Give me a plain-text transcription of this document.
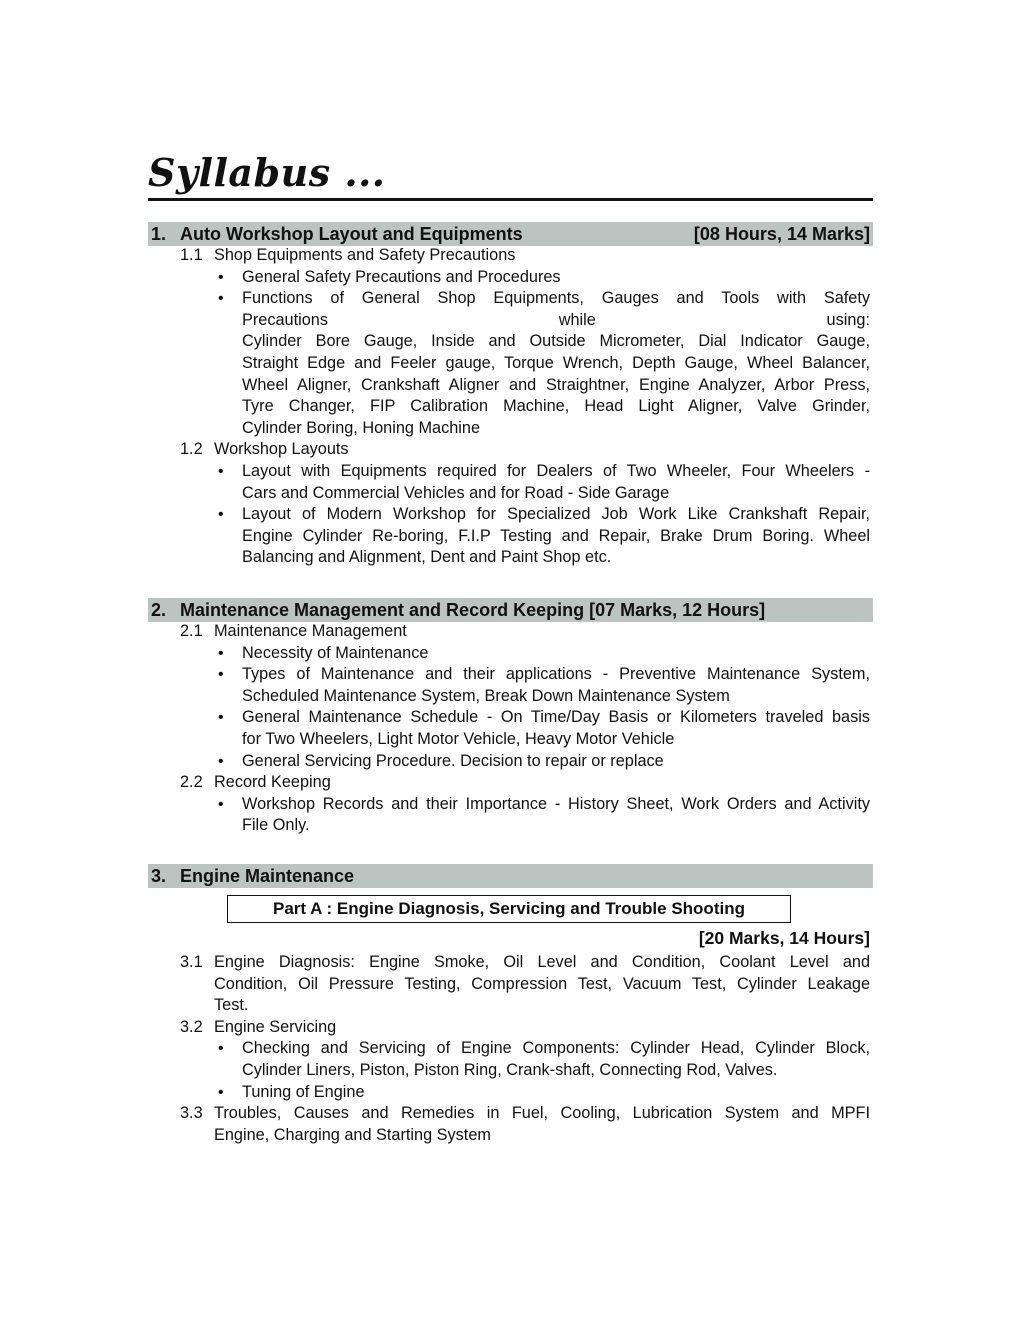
Syllabus ...
1. Auto Workshop Layout and Equipments	[08 Hours, 14 Marks]
1.1 Shop Equipments and Safety Precautions
• General Safety Precautions and Procedures
• Functions of General Shop Equipments, Gauges and Tools with Safety
Precautions while using:
Cylinder Bore Gauge, Inside and Outside Micrometer, Dial Indicator Gauge,
Straight Edge and Feeler gauge, Torque Wrench, Depth Gauge, Wheel Balancer,
Wheel Aligner, Crankshaft Aligner and Straightner, Engine Analyzer, Arbor Press,
Tyre Changer, FIP Calibration Machine, Head Light Aligner, Valve Grinder,
Cylinder Boring, Honing Machine
1.2 Workshop Layouts
• Layout with Equipments required for Dealers of Two Wheeler, Four Wheelers -
Cars and Commercial Vehicles and for Road - Side Garage
• Layout of Modern Workshop for Specialized Job Work Like Crankshaft Repair,
Engine Cylinder Re-boring, F.I.P Testing and Repair, Brake Drum Boring. Wheel
Balancing and Alignment, Dent and Paint Shop etc.
2. Maintenance Management and Record Keeping [07 Marks, 12 Hours]
2.1 Maintenance Management
• Necessity of Maintenance
• Types of Maintenance and their applications - Preventive Maintenance System,
Scheduled Maintenance System, Break Down Maintenance System
• General Maintenance Schedule - On Time/Day Basis or Kilometers traveled basis
for Two Wheelers, Light Motor Vehicle, Heavy Motor Vehicle
• General Servicing Procedure. Decision to repair or replace
2.2 Record Keeping
• Workshop Records and their Importance - History Sheet, Work Orders and Activity
File Only.
3. Engine Maintenance
Part A : Engine Diagnosis, Servicing and Trouble Shooting
[20 Marks, 14 Hours]
3.1 Engine Diagnosis: Engine Smoke, Oil Level and Condition, Coolant Level and
Condition, Oil Pressure Testing, Compression Test, Vacuum Test, Cylinder Leakage
Test.
3.2 Engine Servicing
• Checking and Servicing of Engine Components: Cylinder Head, Cylinder Block,
Cylinder Liners, Piston, Piston Ring, Crank-shaft, Connecting Rod, Valves.
• Tuning of Engine
3.3 Troubles, Causes and Remedies in Fuel, Cooling, Lubrication System and MPFI
Engine, Charging and Starting System
